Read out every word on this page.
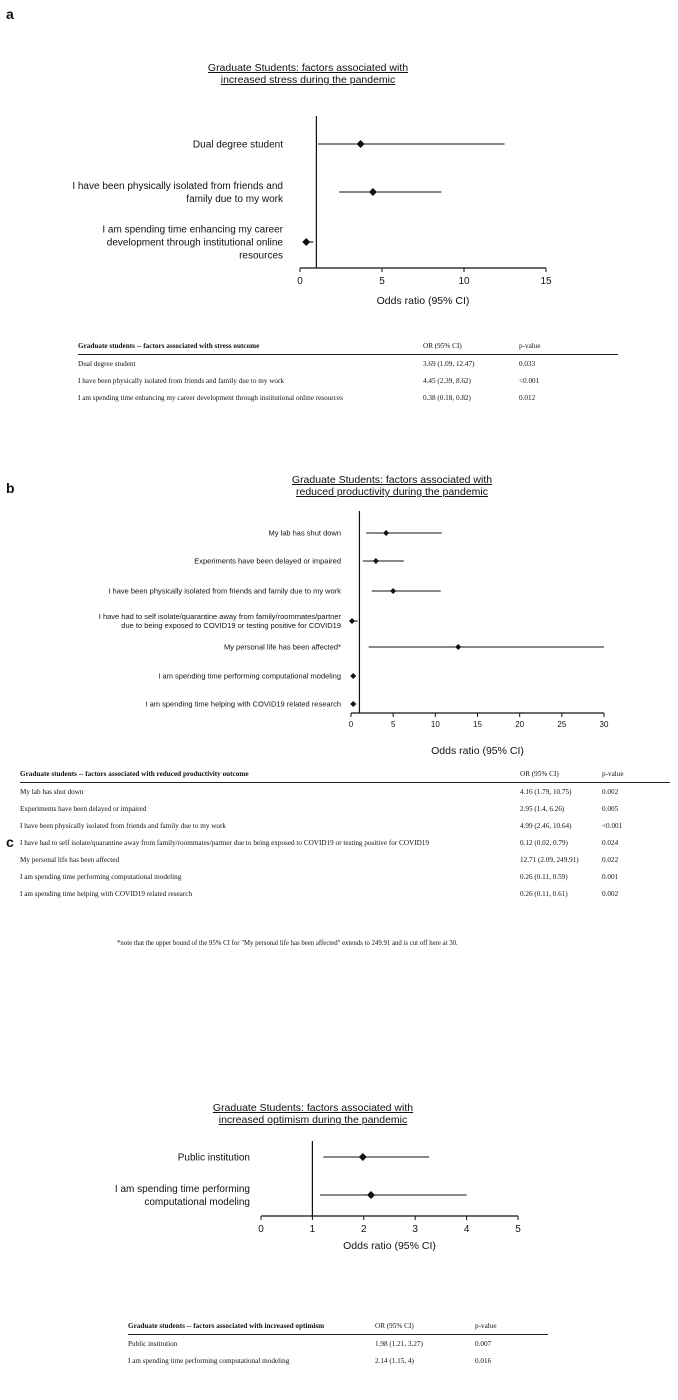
a
b
c
Graduate Students: factors associated with
increased stress during the pandemic
0	5	10	15
Odds ratio (95% CI)
Dual degree student
I have been physically isolated from friends and
family due to my work
I am spending time enhancing my career
development through institutional online
resources
Graduate students -- factors associated with stress outcome	OR (95% CI)	p-value
Dual degree student	3.69 (1.09, 12.47)	0.033
I have been physically isolated from friends and family due to my work	4.45 (2.39, 8.62)	<0.001
I am spending time enhancing my career development through institutional online resources	0.38 (0.18, 0.82)	0.012
Graduate Students: factors associated with
reduced productivity during the pandemic
0	5	10	15	20	25	30
Odds ratio (95% CI)
My lab has shut down
Experiments have been delayed or impaired
I have been physically isolated from friends and family due to my work
I have had to self isolate/quarantine away from family/roommates/partner
due to being exposed to COVID19 or testing positive for COVID19
My personal life has been affected*
I am spending time performing computational modeling
I am spending time helping with COVID19 related research
Graduate students -- factors associated with reduced productivity outcome	OR (95% CI)	p-value
My lab has shut down	4.16 (1.79, 10.75)	0.002
Experiments have been delayed or impaired	2.95 (1.4, 6.26)	0.005
I have been physically isolated from friends and family due to my work	4.99 (2.46, 10.64)	<0.001
I have had to self isolate/quarantine away from family/roommates/partner due to being exposed to COVID19 or testing positive for COVID19	0.12 (0.02, 0.79)	0.024
My personal life has been affected	12.71 (2.09, 249.91)	0.022
I am spending time performing computational modeling	0.26 (0.11, 0.59)	0.001
I am spending time helping with COVID19 related research	0.26 (0.11, 0.61)	0.002
*note that the upper bound of the 95% CI for "My personal life has been affected" extends to 249.91 and is cut off here at 30.
Graduate Students: factors associated with
increased optimism during the pandemic
0	1	2	3	4	5
Odds ratio (95% CI)
Public institution
I am spending time performing
computational modeling
Graduate students -- factors associated with increased optimism	OR (95% CI)	p-value
Public institution	1.98 (1.21, 3.27)	0.007
I am spending time performing computational modeling	2.14 (1.15, 4)	0.016
